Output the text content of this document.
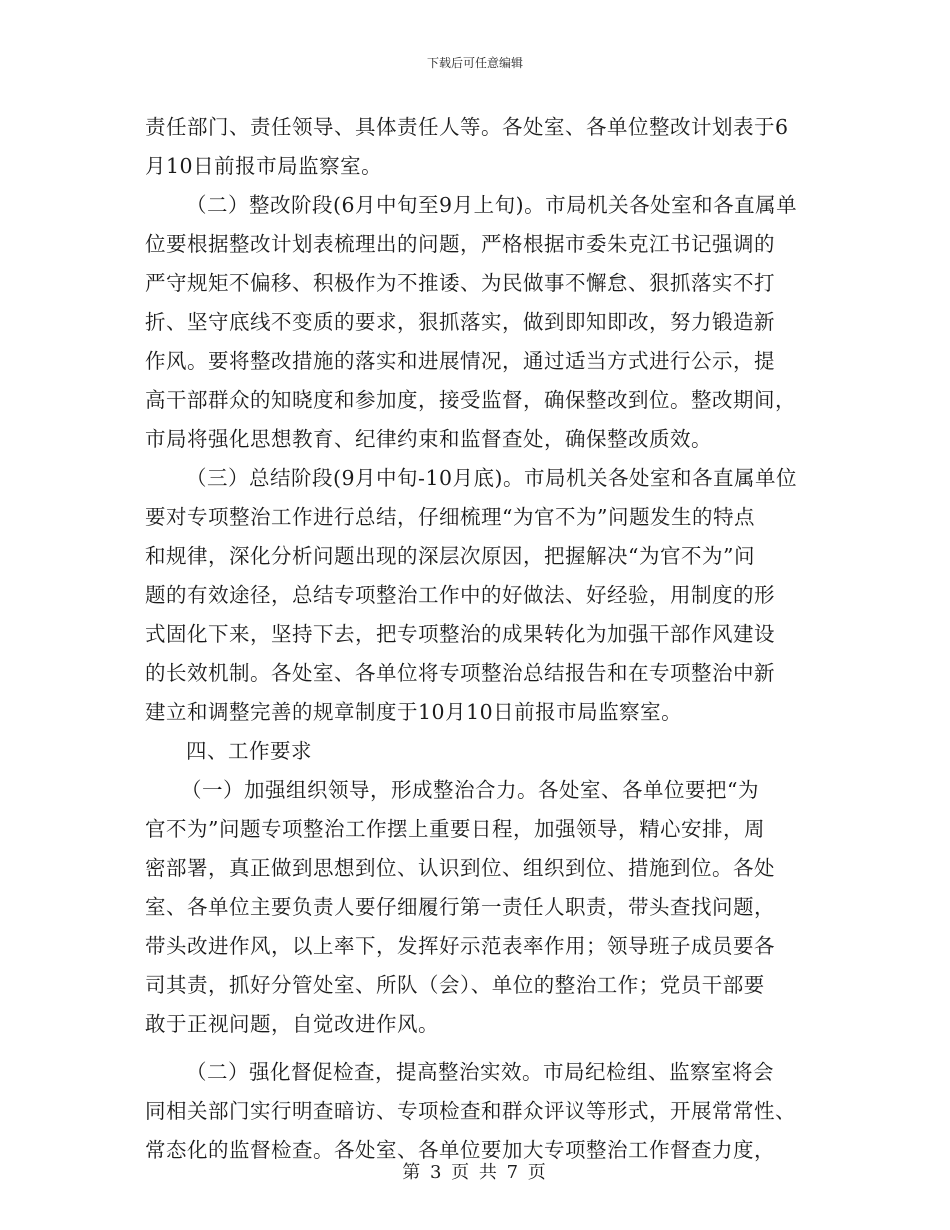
下载后可任意编辑
责任部门、责任领导、具体责任人等。各处室、各单位整改计划表于6
月10日前报市局监察室。
（二）整改阶段(6月中旬至9月上旬)。市局机关各处室和各直属单
位要根据整改计划表梳理出的问题，严格根据市委朱克江书记强调的
严守规矩不偏移、积极作为不推诿、为民做事不懈怠、狠抓落实不打
折、坚守底线不变质的要求，狠抓落实，做到即知即改，努力锻造新
作风。要将整改措施的落实和进展情况，通过适当方式进行公示，提
高干部群众的知晓度和参加度，接受监督，确保整改到位。整改期间，
市局将强化思想教育、纪律约束和监督查处，确保整改质效。
（三）总结阶段(9月中旬-10月底)。市局机关各处室和各直属单位
要对专项整治工作进行总结，仔细梳理“为官不为”问题发生的特点
和规律，深化分析问题出现的深层次原因，把握解决“为官不为”问
题的有效途径，总结专项整治工作中的好做法、好经验，用制度的形
式固化下来，坚持下去，把专项整治的成果转化为加强干部作风建设
的长效机制。各处室、各单位将专项整治总结报告和在专项整治中新
建立和调整完善的规章制度于10月10日前报市局监察室。
四、工作要求
（一）加强组织领导，形成整治合力。各处室、各单位要把“为
官不为”问题专项整治工作摆上重要日程，加强领导，精心安排，周
密部署，真正做到思想到位、认识到位、组织到位、措施到位。各处
室、各单位主要负责人要仔细履行第一责任人职责，带头查找问题，
带头改进作风，以上率下，发挥好示范表率作用；领导班子成员要各
司其责，抓好分管处室、所队（会）、单位的整治工作；党员干部要
敢于正视问题，自觉改进作风。
（二）强化督促检查，提高整治实效。市局纪检组、监察室将会
同相关部门实行明查暗访、专项检查和群众评议等形式，开展常常性、
常态化的监督检查。各处室、各单位要加大专项整治工作督查力度，
第 3 页 共 7 页
